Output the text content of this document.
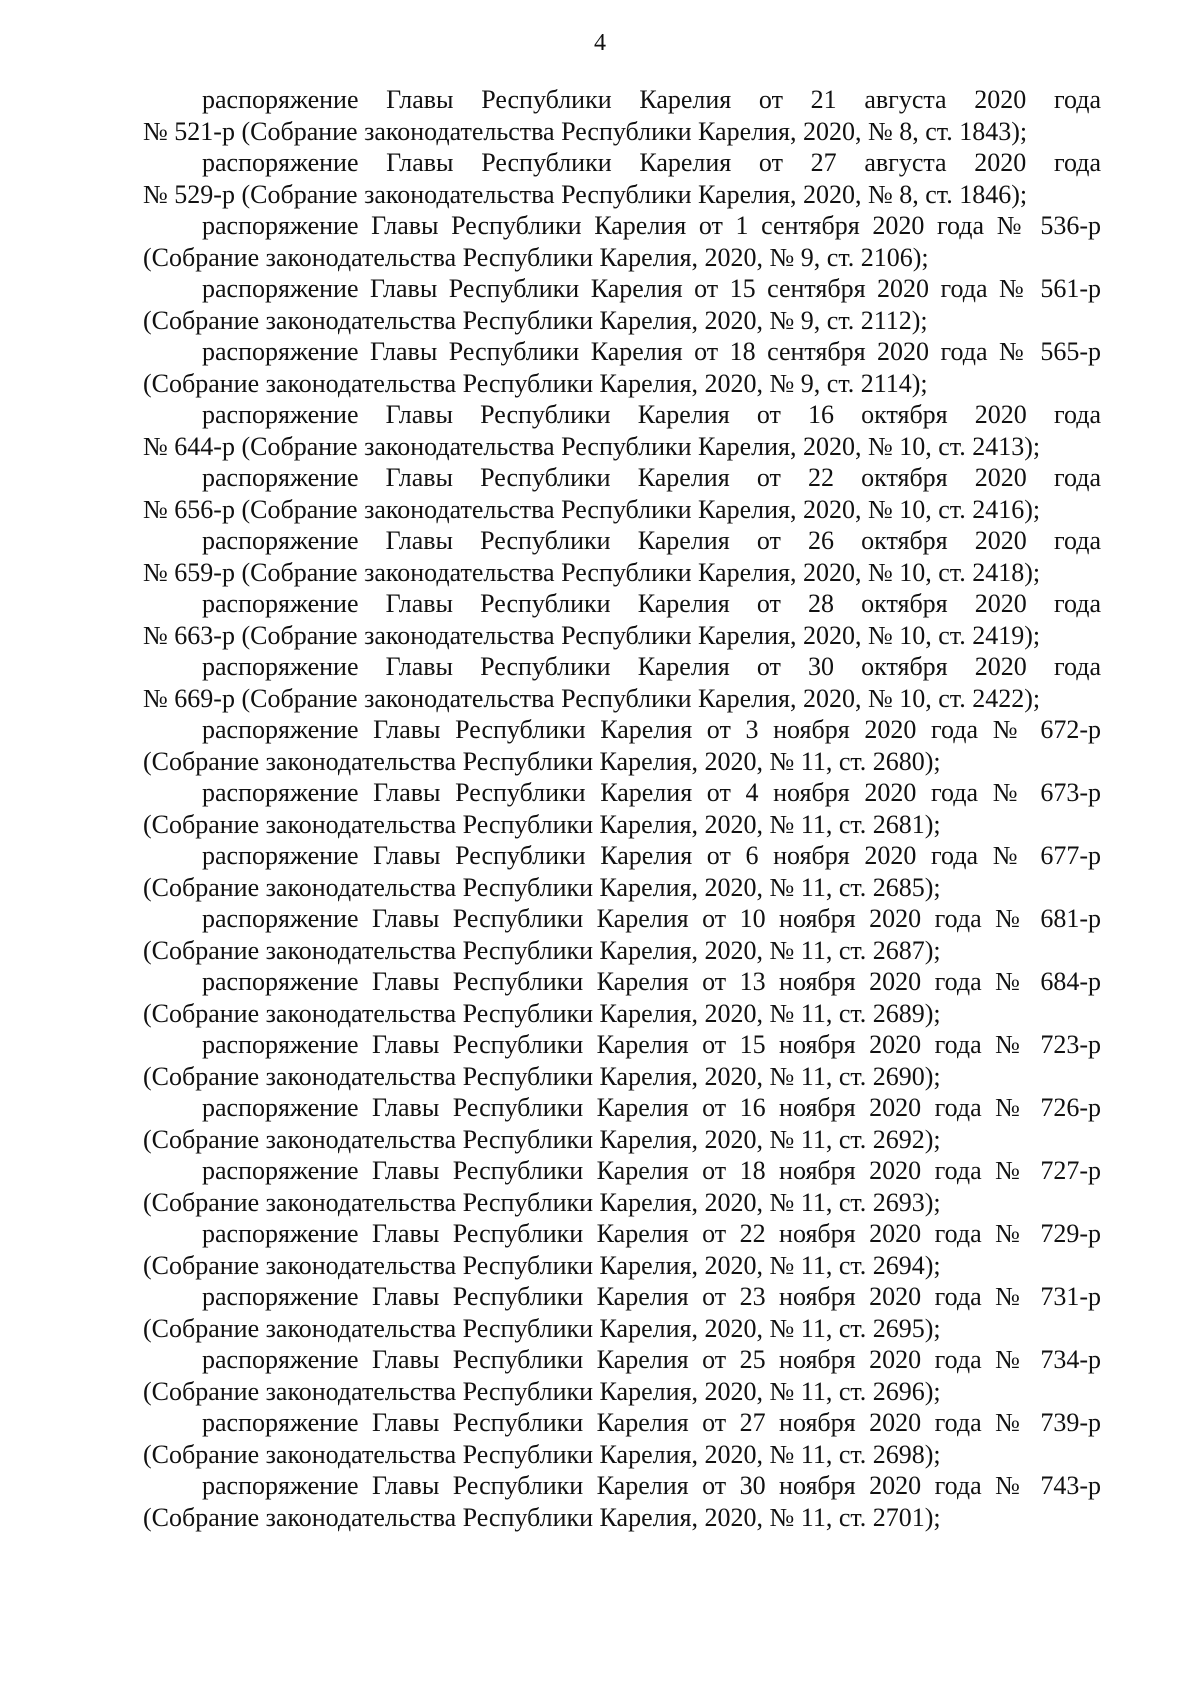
4

распоряжение Главы Республики Карелия от 21 августа 2020 года
№ 521-р (Собрание законодательства Республики Карелия, 2020, № 8, ст. 1843);

распоряжение Главы Республики Карелия от 27 августа 2020 года
№ 529-р (Собрание законодательства Республики Карелия, 2020, № 8, ст. 1846);

распоряжение Главы Республики Карелия от 1 сентября 2020 года № 536-р
(Собрание законодательства Республики Карелия, 2020, № 9, ст. 2106);

распоряжение Главы Республики Карелия от 15 сентября 2020 года № 561-р
(Собрание законодательства Республики Карелия, 2020, № 9, ст. 2112);

распоряжение Главы Республики Карелия от 18 сентября 2020 года № 565-р
(Собрание законодательства Республики Карелия, 2020, № 9, ст. 2114);

распоряжение Главы Республики Карелия от 16 октября 2020 года
№ 644-р (Собрание законодательства Республики Карелия, 2020, № 10, ст. 2413);

распоряжение Главы Республики Карелия от 22 октября 2020 года
№ 656-р (Собрание законодательства Республики Карелия, 2020, № 10, ст. 2416);

распоряжение Главы Республики Карелия от 26 октября 2020 года
№ 659-р (Собрание законодательства Республики Карелия, 2020, № 10, ст. 2418);

распоряжение Главы Республики Карелия от 28 октября 2020 года
№ 663-р (Собрание законодательства Республики Карелия, 2020, № 10, ст. 2419);

распоряжение Главы Республики Карелия от 30 октября 2020 года
№ 669-р (Собрание законодательства Республики Карелия, 2020, № 10, ст. 2422);

распоряжение Главы Республики Карелия от 3 ноября 2020 года № 672-р
(Собрание законодательства Республики Карелия, 2020, № 11, ст. 2680);

распоряжение Главы Республики Карелия от 4 ноября 2020 года № 673-р
(Собрание законодательства Республики Карелия, 2020, № 11, ст. 2681);

распоряжение Главы Республики Карелия от 6 ноября 2020 года № 677-р
(Собрание законодательства Республики Карелия, 2020, № 11, ст. 2685);

распоряжение Главы Республики Карелия от 10 ноября 2020 года № 681-р
(Собрание законодательства Республики Карелия, 2020, № 11, ст. 2687);

распоряжение Главы Республики Карелия от 13 ноября 2020 года № 684-р
(Собрание законодательства Республики Карелия, 2020, № 11, ст. 2689);

распоряжение Главы Республики Карелия от 15 ноября 2020 года № 723-р
(Собрание законодательства Республики Карелия, 2020, № 11, ст. 2690);

распоряжение Главы Республики Карелия от 16 ноября 2020 года № 726-р
(Собрание законодательства Республики Карелия, 2020, № 11, ст. 2692);

распоряжение Главы Республики Карелия от 18 ноября 2020 года № 727-р
(Собрание законодательства Республики Карелия, 2020, № 11, ст. 2693);

распоряжение Главы Республики Карелия от 22 ноября 2020 года № 729-р
(Собрание законодательства Республики Карелия, 2020, № 11, ст. 2694);

распоряжение Главы Республики Карелия от 23 ноября 2020 года № 731-р
(Собрание законодательства Республики Карелия, 2020, № 11, ст. 2695);

распоряжение Главы Республики Карелия от 25 ноября 2020 года № 734-р
(Собрание законодательства Республики Карелия, 2020, № 11, ст. 2696);

распоряжение Главы Республики Карелия от 27 ноября 2020 года № 739-р
(Собрание законодательства Республики Карелия, 2020, № 11, ст. 2698);

распоряжение Главы Республики Карелия от 30 ноября 2020 года № 743-р
(Собрание законодательства Республики Карелия, 2020, № 11, ст. 2701);
